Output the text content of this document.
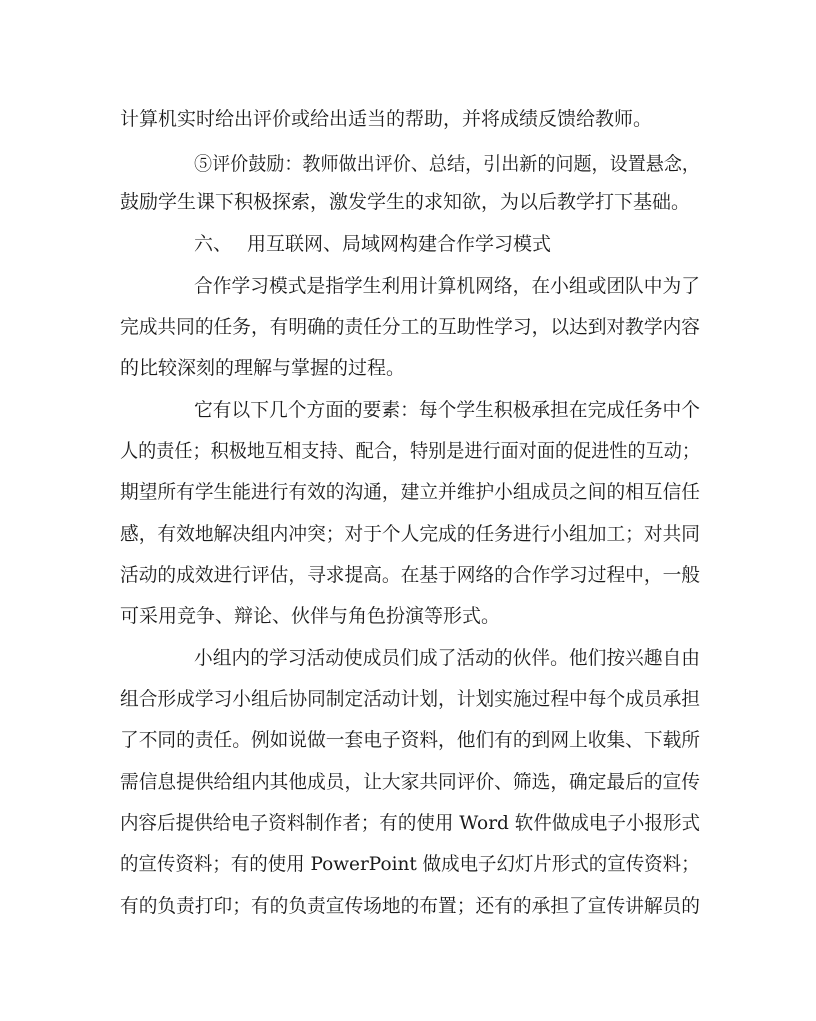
计算机实时给出评价或给出适当的帮助，并将成绩反馈给教师。
⑤评价鼓励：教师做出评价、总结，引出新的问题，设置悬念，
鼓励学生课下积极探索，激发学生的求知欲，为以后教学打下基础。
六、 用互联网、局域网构建合作学习模式
合作学习模式是指学生利用计算机网络，在小组或团队中为了
完成共同的任务，有明确的责任分工的互助性学习，以达到对教学内容
的比较深刻的理解与掌握的过程。
它有以下几个方面的要素：每个学生积极承担在完成任务中个
人的责任；积极地互相支持、配合，特别是进行面对面的促进性的互动；
期望所有学生能进行有效的沟通，建立并维护小组成员之间的相互信任
感，有效地解决组内冲突；对于个人完成的任务进行小组加工；对共同
活动的成效进行评估，寻求提高。在基于网络的合作学习过程中，一般
可采用竞争、辩论、伙伴与角色扮演等形式。
小组内的学习活动使成员们成了活动的伙伴。他们按兴趣自由
组合形成学习小组后协同制定活动计划，计划实施过程中每个成员承担
了不同的责任。例如说做一套电子资料，他们有的到网上收集、下载所
需信息提供给组内其他成员，让大家共同评价、筛选，确定最后的宣传
内容后提供给电子资料制作者；有的使用 Word 软件做成电子小报形式
的宣传资料；有的使用 PowerPoint 做成电子幻灯片形式的宣传资料；
有的负责打印；有的负责宣传场地的布置；还有的承担了宣传讲解员的
